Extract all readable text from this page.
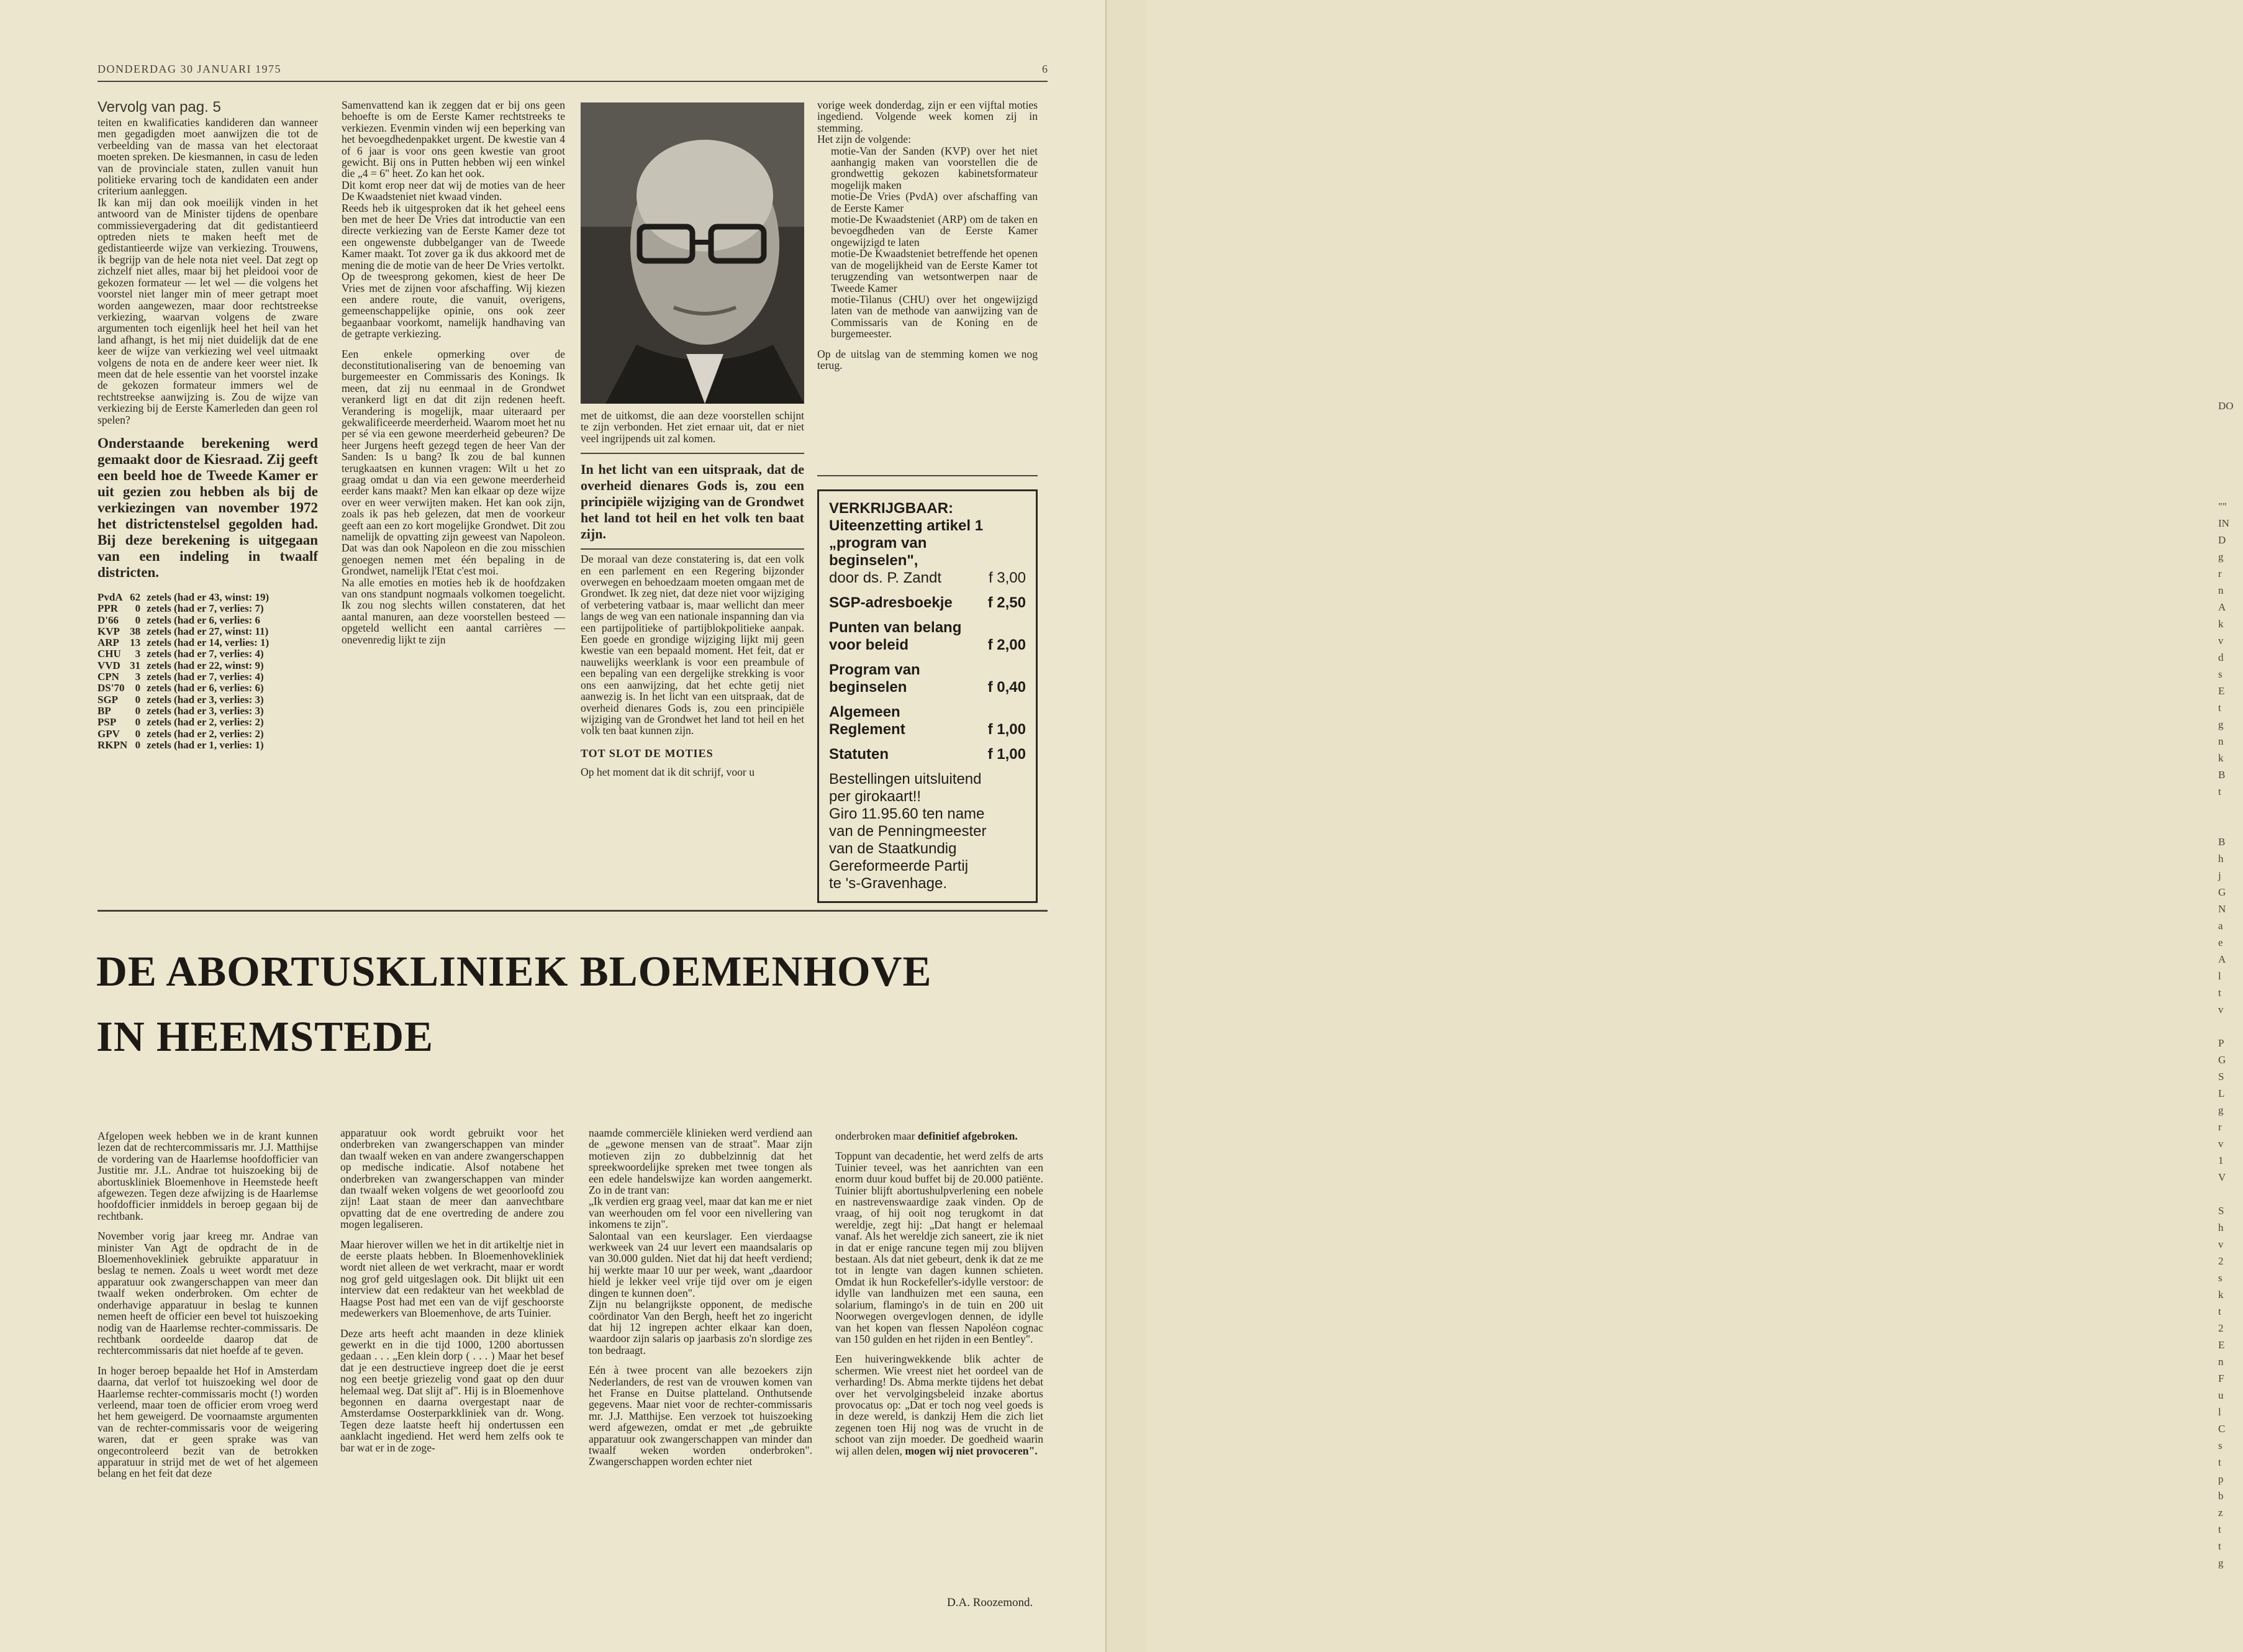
DO

""
IN
D
g
r
n
A
k
v
d
s
E
t
g
n
k
B
t

B
h
j
G
N
a
e
A
l
t
v

P
G
S
L
g
r
v
1
V

S
h
v
2
s
k
t
2
E
n
F
u
l
C
s
t
p
b
z
t
t
g
DONDERDAG 30 JANUARI 1975	6
Vervolg van pag. 5

teiten en kwalificaties kandideren dan wanneer men gegadigden moet aanwijzen die tot de verbeelding van de massa van het electoraat moeten spreken. De kiesmannen, in casu de leden van de provinciale staten, zullen vanuit hun politieke ervaring toch de kandidaten een ander criterium aanleggen.

Ik kan mij dan ook moeilijk vinden in het antwoord van de Minister tijdens de openbare commissievergadering dat dit gedistantieerd optreden niets te maken heeft met de gedistantieerde wijze van verkiezing. Trouwens, ik begrijp van de hele nota niet veel. Dat zegt op zichzelf niet alles, maar bij het pleidooi voor de gekozen formateur — let wel — die volgens het voorstel niet langer min of meer getrapt moet worden aangewezen, maar door rechtstreekse verkiezing, waarvan volgens de zware argumenten toch eigenlijk heel het heil van het land afhangt, is het mij niet duidelijk dat de ene keer de wijze van verkiezing wel veel uitmaakt volgens de nota en de andere keer weer niet. Ik meen dat de hele essentie van het voorstel inzake de gekozen formateur immers wel de rechtstreekse aanwijzing is. Zou de wijze van verkiezing bij de Eerste Kamerleden dan geen rol spelen?

Onderstaande berekening werd gemaakt door de Kiesraad. Zij geeft een beeld hoe de Tweede Kamer er uit gezien zou hebben als bij de verkiezingen van november 1972 het districtenstelsel gegolden had. Bij deze berekening is uitgegaan van een indeling in twaalf districten.
PvdA	62	zetels (had er 43, winst: 19)
PPR	0	zetels (had er 7, verlies: 7)
D'66	0	zetels (had er 6, verlies: 6
KVP	38	zetels (had er 27, winst: 11)
ARP	13	zetels (had er 14, verlies: 1)
CHU	3	zetels (had er 7, verlies: 4)
VVD	31	zetels (had er 22, winst: 9)
CPN	3	zetels (had er 7, verlies: 4)
DS'70	0	zetels (had er 6, verlies: 6)
SGP	0	zetels (had er 3, verlies: 3)
BP	0	zetels (had er 3, verlies: 3)
PSP	0	zetels (had er 2, verlies: 2)
GPV	0	zetels (had er 2, verlies: 2)
RKPN	0	zetels (had er 1, verlies: 1)

Samenvattend kan ik zeggen dat er bij ons geen behoefte is om de Eerste Kamer rechtstreeks te verkiezen. Evenmin vinden wij een beperking van het bevoegdhedenpakket urgent. De kwestie van 4 of 6 jaar is voor ons geen kwestie van groot gewicht. Bij ons in Putten hebben wij een winkel die „4 = 6" heet. Zo kan het ook.

Dit komt erop neer dat wij de moties van de heer De Kwaadsteniet niet kwaad vinden.

Reeds heb ik uitgesproken dat ik het geheel eens ben met de heer De Vries dat introductie van een directe verkiezing van de Eerste Kamer deze tot een ongewenste dubbelganger van de Tweede Kamer maakt. Tot zover ga ik dus akkoord met de mening die de motie van de heer De Vries vertolkt.

Op de tweesprong gekomen, kiest de heer De Vries met de zijnen voor afschaffing. Wij kiezen een andere route, die vanuit, overigens, gemeenschappelijke opinie, ons ook zeer begaanbaar voorkomt, namelijk handhaving van de getrapte verkiezing.

Een enkele opmerking over de deconstitutionalisering van de benoeming van burgemeester en Commissaris des Konings. Ik meen, dat zij nu eenmaal in de Grondwet verankerd ligt en dat dit zijn redenen heeft. Verandering is mogelijk, maar uiteraard per gekwalificeerde meerderheid. Waarom moet het nu per sé via een gewone meerderheid gebeuren? De heer Jurgens heeft gezegd tegen de heer Van der Sanden: Is u bang? Ik zou de bal kunnen terugkaatsen en kunnen vragen: Wilt u het zo graag omdat u dan via een gewone meerderheid eerder kans maakt? Men kan elkaar op deze wijze over en weer verwijten maken. Het kan ook zijn, zoals ik pas heb gelezen, dat men de voorkeur geeft aan een zo kort mogelijke Grondwet. Dit zou namelijk de opvatting zijn geweest van Napoleon. Dat was dan ook Napoleon en die zou misschien genoegen nemen met één bepaling in de Grondwet, namelijk l'Etat c'est moi.

Na alle emoties en moties heb ik de hoofdzaken van ons standpunt nogmaals volkomen toegelicht. Ik zou nog slechts willen constateren, dat het aantal manuren, aan deze voorstellen besteed — opgeteld wellicht een aantal carrières — onevenredig lijkt te zijn

met de uitkomst, die aan deze voorstellen schijnt te zijn verbonden. Het ziet ernaar uit, dat er niet veel ingrijpends uit zal komen.

In het licht van een uitspraak, dat de overheid dienares Gods is, zou een principiële wijziging van de Grondwet het land tot heil en het volk ten baat zijn.

De moraal van deze constatering is, dat een volk en een parlement en een Regering bijzonder overwegen en behoedzaam moeten omgaan met de Grondwet. Ik zeg niet, dat deze niet voor wijziging of verbetering vatbaar is, maar wellicht dan meer langs de weg van een nationale inspanning dan via een partijpolitieke of partijblokpolitieke aanpak. Een goede en grondige wijziging lijkt mij geen kwestie van een bepaald moment. Het feit, dat er nauwelijks weerklank is voor een preambule of een bepaling van een dergelijke strekking is voor ons een aanwijzing, dat het echte getij niet aanwezig is. In het licht van een uitspraak, dat de overheid dienares Gods is, zou een principiële wijziging van de Grondwet het land tot heil en het volk ten baat kunnen zijn.

TOT SLOT DE MOTIES

Op het moment dat ik dit schrijf, voor u

vorige week donderdag, zijn er een vijftal moties ingediend. Volgende week komen zij in stemming.

Het zijn de volgende:

motie-Van der Sanden (KVP) over het niet aanhangig maken van voorstellen die de grondwettig gekozen kabinetsformateur mogelijk maken

motie-De Vries (PvdA) over afschaffing van de Eerste Kamer

motie-De Kwaadsteniet (ARP) om de taken en bevoegdheden van de Eerste Kamer ongewijzigd te laten

motie-De Kwaadsteniet betreffende het openen van de mogelijkheid van de Eerste Kamer tot terugzending van wetsontwerpen naar de Tweede Kamer

motie-Tilanus (CHU) over het ongewijzigd laten van de methode van aanwijzing van de Commissaris van de Koning en de burgemeester.

Op de uitslag van de stemming komen we nog terug.

VERKRIJGBAAR:
Uiteenzetting artikel 1
„program van
beginselen",
door ds. P. Zandt	f 3,00
SGP-adresboekje f 2,50
Punten van belang
voor beleid	f 2,00
Program van
beginselen	f 0,40
Algemeen
Reglement	f 1,00
Statuten	f 1,00
Bestellingen uitsluitend
per girokaart!!
Giro 11.95.60 ten name
van de Penningmeester
van de Staatkundig
Gereformeerde Partij
te 's-Gravenhage.
DE ABORTUSKLINIEK BLOEMENHOVE
IN HEEMSTEDE

Afgelopen week hebben we in de krant kunnen lezen dat de rechtercommissaris mr. J.J. Matthijse de vordering van de Haarlemse hoofdofficier van Justitie mr. J.L. Andrae tot huiszoeking bij de abortuskliniek Bloemenhove in Heemstede heeft afgewezen. Tegen deze afwijzing is de Haarlemse hoofdofficier inmiddels in beroep gegaan bij de rechtbank.

November vorig jaar kreeg mr. Andrae van minister Van Agt de opdracht de in de Bloemenhovekliniek gebruikte apparatuur in beslag te nemen. Zoals u weet wordt met deze apparatuur ook zwangerschappen van meer dan twaalf weken onderbroken. Om echter de onderhavige apparatuur in beslag te kunnen nemen heeft de officier een bevel tot huiszoeking nodig van de Haarlemse rechter-commissaris. De rechtbank oordeelde daarop dat de rechtercommissaris dat niet hoefde af te geven.

In hoger beroep bepaalde het Hof in Amsterdam daarna, dat verlof tot huiszoeking wel door de Haarlemse rechter-commissaris mocht (!) worden verleend, maar toen de officier erom vroeg werd het hem geweigerd. De voornaamste argumenten van de rechter-commissaris voor de weigering waren, dat er geen sprake was van ongecontroleerd bezit van de betrokken apparatuur in strijd met de wet of het algemeen belang en het feit dat deze

apparatuur ook wordt gebruikt voor het onderbreken van zwangerschappen van minder dan twaalf weken en van andere zwangerschappen op medische indicatie. Alsof notabene het onderbreken van zwangerschappen van minder dan twaalf weken volgens de wet geoorloofd zou zijn! Laat staan de meer dan aanvechtbare opvatting dat de ene overtreding de andere zou mogen legaliseren.

Maar hierover willen we het in dit artikeltje niet in de eerste plaats hebben. In Bloemenhovekliniek wordt niet alleen de wet verkracht, maar er wordt nog grof geld uitgeslagen ook. Dit blijkt uit een interview dat een redakteur van het weekblad de Haagse Post had met een van de vijf geschoorste medewerkers van Bloemenhove, de arts Tuinier.

Deze arts heeft acht maanden in deze kliniek gewerkt en in die tijd 1000, 1200 abortussen gedaan . . . „Een klein dorp ( . . . ) Maar het besef dat je een destructieve ingreep doet die je eerst nog een beetje griezelig vond gaat op den duur helemaal weg. Dat slijt af". Hij is in Bloemenhove begonnen en daarna overgestapt naar de Amsterdamse Oosterparkkliniek van dr. Wong. Tegen deze laatste heeft hij ondertussen een aanklacht ingediend. Het werd hem zelfs ook te bar wat er in de zoge-

naamde commerciële klinieken werd verdiend aan de „gewone mensen van de straat". Maar zijn motieven zijn zo dubbelzinnig dat het spreekwoordelijke spreken met twee tongen als een edele handelswijze kan worden aangemerkt. Zo in de trant van:

„Ik verdien erg graag veel, maar dat kan me er niet van weerhouden om fel voor een nivellering van inkomens te zijn".

Salontaal van een keurslager. Een vierdaagse werkweek van 24 uur levert een maandsalaris op van 30.000 gulden. Niet dat hij dat heeft verdiend; hij werkte maar 10 uur per week, want „daardoor hield je lekker veel vrije tijd over om je eigen dingen te kunnen doen".

Zijn nu belangrijkste opponent, de medische coördinator Van den Bergh, heeft het zo ingericht dat hij 12 ingrepen achter elkaar kan doen, waardoor zijn salaris op jaarbasis zo'n slordige zes ton bedraagt.

Eén à twee procent van alle bezoekers zijn Nederlanders, de rest van de vrouwen komen van het Franse en Duitse platteland. Onthutsende gegevens. Maar niet voor de rechter-commissaris mr. J.J. Matthijse. Een verzoek tot huiszoeking werd afgewezen, omdat er met „de gebruikte apparatuur ook zwangerschappen van minder dan twaalf weken worden onderbroken". Zwangerschappen worden echter niet

onderbroken maar definitief afgebroken.

Toppunt van decadentie, het werd zelfs de arts Tuinier teveel, was het aanrichten van een enorm duur koud buffet bij de 20.000 patiënte. Tuinier blijft abortushulpverlening een nobele en nastrevenswaardige zaak vinden. Op de vraag, of hij ooit nog terugkomt in dat wereldje, zegt hij: „Dat hangt er helemaal vanaf. Als het wereldje zich saneert, zie ik niet in dat er enige rancune tegen mij zou blijven bestaan. Als dat niet gebeurt, denk ik dat ze me tot in lengte van dagen kunnen schieten. Omdat ik hun Rockefeller's-idylle verstoor: de idylle van landhuizen met een sauna, een solarium, flamingo's in de tuin en 200 uit Noorwegen overgevlogen dennen, de idylle van het kopen van flessen Napoléon cognac van 150 gulden en het rijden in een Bentley".

Een huiveringwekkende blik achter de schermen. Wie vreest niet het oordeel van de verharding! Ds. Abma merkte tijdens het debat over het vervolgingsbeleid inzake abortus provocatus op: „Dat er toch nog veel goeds is in deze wereld, is dankzij Hem die zich liet zegenen toen Hij nog was de vrucht in de schoot van zijn moeder. De goedheid waarin wij allen delen, mogen wij niet provoceren".

D.A. Roozemond.
